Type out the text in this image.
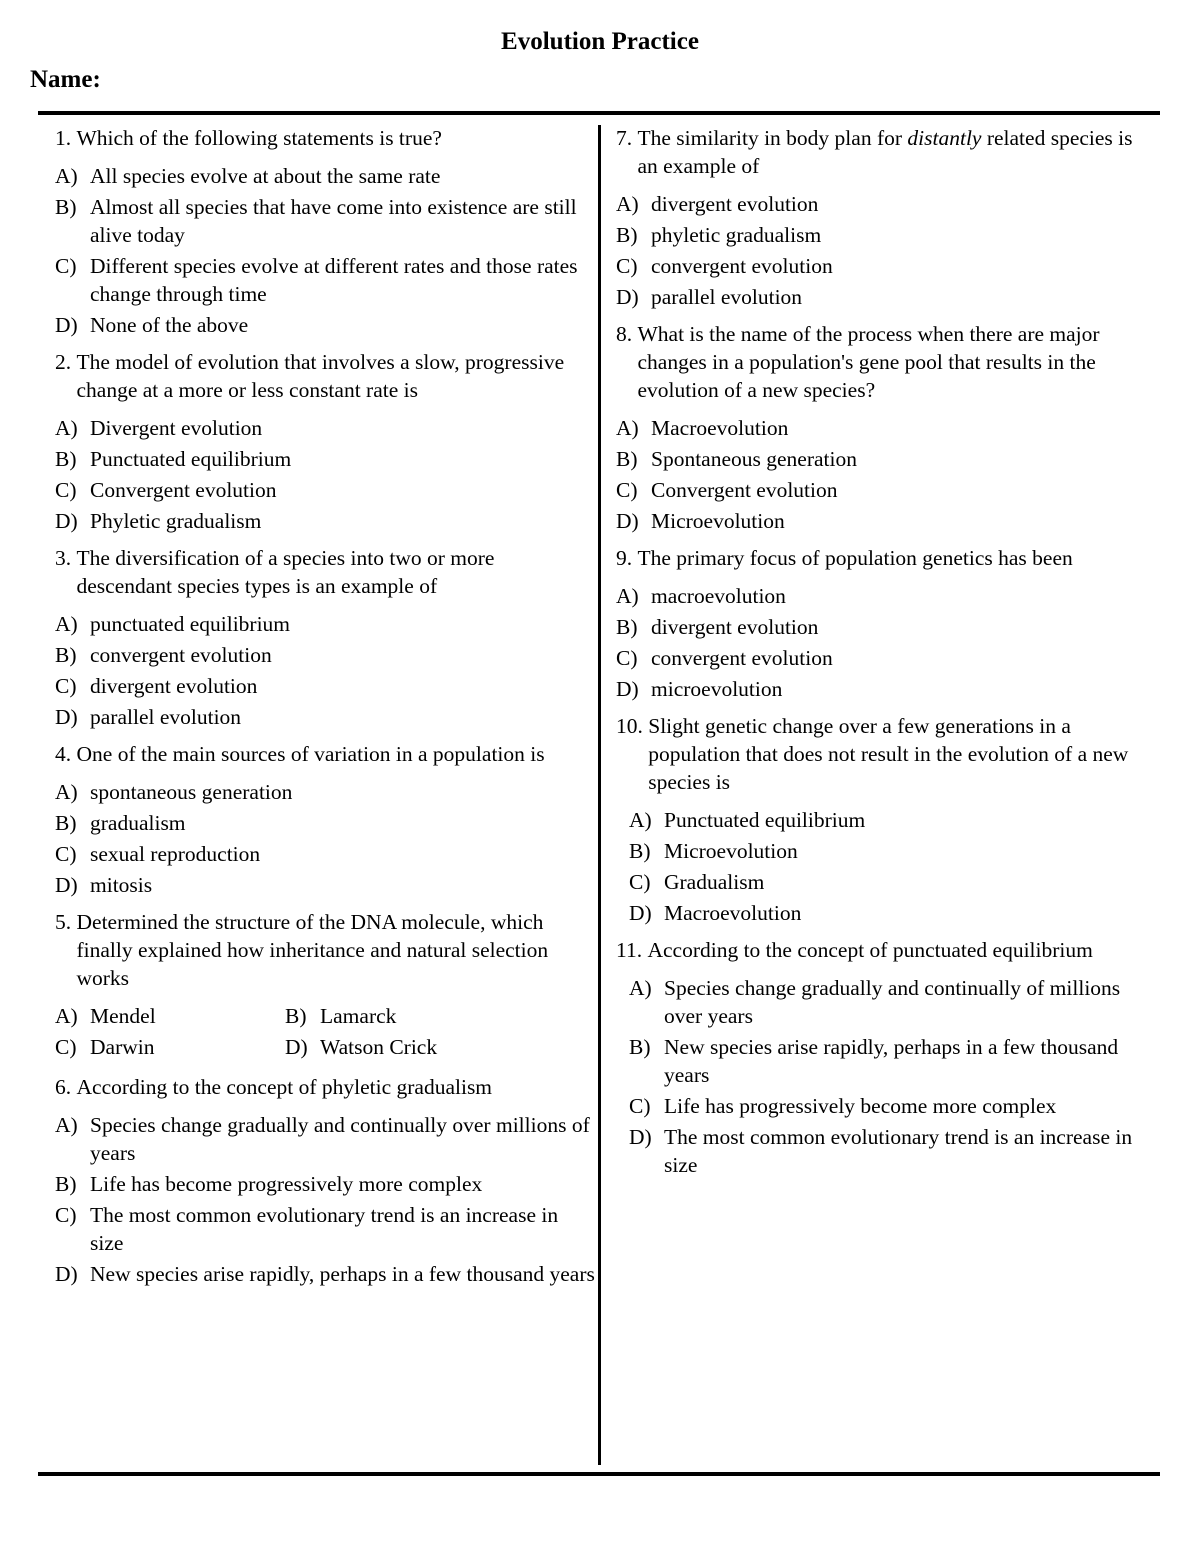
Evolution Practice
Name:
1. Which of the following statements is true?
A) All species evolve at about the same rate
B) Almost all species that have come into existence are still alive today
C) Different species evolve at different rates and those rates change through time
D) None of the above
2. The model of evolution that involves a slow, progressive change at a more or less constant rate is
A) Divergent evolution
B) Punctuated equilibrium
C) Convergent evolution
D) Phyletic gradualism
3. The diversification of a species into two or more descendant species types is an example of
A) punctuated equilibrium
B) convergent evolution
C) divergent evolution
D) parallel evolution
4. One of the main sources of variation in a population is
A) spontaneous generation
B) gradualism
C) sexual reproduction
D) mitosis
5. Determined the structure of the DNA molecule, which finally explained how inheritance and natural selection works
A) Mendel	B) Lamarck
C) Darwin	D) Watson Crick
6. According to the concept of phyletic gradualism
A) Species change gradually and continually over millions of years
B) Life has become progressively more complex
C) The most common evolutionary trend is an increase in size
D) New species arise rapidly, perhaps in a few thousand years
7. The similarity in body plan for distantly related species is an example of
A) divergent evolution
B) phyletic gradualism
C) convergent evolution
D) parallel evolution
8. What is the name of the process when there are major changes in a population's gene pool that results in the evolution of a new species?
A) Macroevolution
B) Spontaneous generation
C) Convergent evolution
D) Microevolution
9. The primary focus of population genetics has been
A) macroevolution
B) divergent evolution
C) convergent evolution
D) microevolution
10. Slight genetic change over a few generations in a population that does not result in the evolution of a new species is
A) Punctuated equilibrium
B) Microevolution
C) Gradualism
D) Macroevolution
11. According to the concept of punctuated equilibrium
A) Species change gradually and continually of millions over years
B) New species arise rapidly, perhaps in a few thousand years
C) Life has progressively become more complex
D) The most common evolutionary trend is an increase in size
